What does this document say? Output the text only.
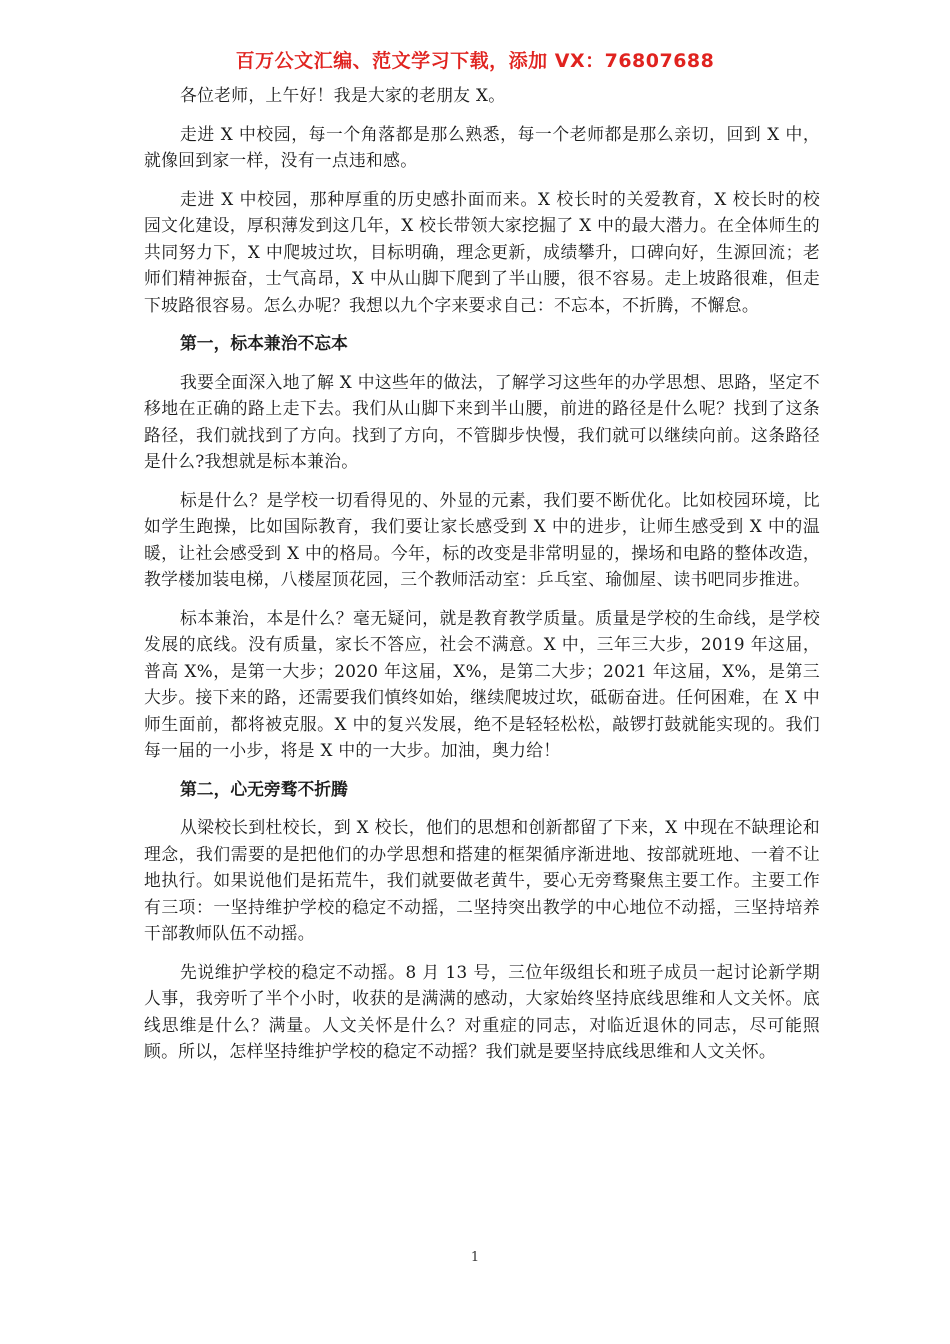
百万公文汇编、范文学习下载，添加 VX：76807688

各位老师，上午好！我是大家的老朋友 X。

走进 X 中校园，每一个角落都是那么熟悉，每一个老师都是那么亲切，回到 X 中，就像回到家一样，没有一点违和感。

走进 X 中校园，那种厚重的历史感扑面而来。X 校长时的关爱教育，X 校长时的校园文化建设，厚积薄发到这几年，X 校长带领大家挖掘了 X 中的最大潜力。在全体师生的共同努力下，X 中爬坡过坎，目标明确，理念更新，成绩攀升，口碑向好，生源回流；老师们精神振奋，士气高昂，X 中从山脚下爬到了半山腰，很不容易。走上坡路很难，但走下坡路很容易。怎么办呢？我想以九个字来要求自己：不忘本，不折腾，不懈怠。

第一，标本兼治不忘本

我要全面深入地了解 X 中这些年的做法，了解学习这些年的办学思想、思路，坚定不移地在正确的路上走下去。我们从山脚下来到半山腰，前进的路径是什么呢？找到了这条路径，我们就找到了方向。找到了方向，不管脚步快慢，我们就可以继续向前。这条路径是什么?我想就是标本兼治。

标是什么？是学校一切看得见的、外显的元素，我们要不断优化。比如校园环境，比如学生跑操，比如国际教育，我们要让家长感受到 X 中的进步，让师生感受到 X 中的温暖，让社会感受到 X 中的格局。今年，标的改变是非常明显的，操场和电路的整体改造，教学楼加装电梯，八楼屋顶花园，三个教师活动室：乒乓室、瑜伽屋、读书吧同步推进。

标本兼治，本是什么？毫无疑问，就是教育教学质量。质量是学校的生命线，是学校发展的底线。没有质量，家长不答应，社会不满意。X 中，三年三大步，2019 年这届，普高 X%，是第一大步；2020 年这届，X%，是第二大步；2021 年这届，X%，是第三大步。接下来的路，还需要我们慎终如始，继续爬坡过坎，砥砺奋进。任何困难，在 X 中师生面前，都将被克服。X 中的复兴发展，绝不是轻轻松松，敲锣打鼓就能实现的。我们每一届的一小步，将是 X 中的一大步。加油，奥力给！

第二，心无旁骛不折腾

从梁校长到杜校长，到 X 校长，他们的思想和创新都留了下来，X 中现在不缺理论和理念，我们需要的是把他们的办学思想和搭建的框架循序渐进地、按部就班地、一着不让地执行。如果说他们是拓荒牛，我们就要做老黄牛，要心无旁骛聚焦主要工作。主要工作有三项：一坚持维护学校的稳定不动摇，二坚持突出教学的中心地位不动摇，三坚持培养干部教师队伍不动摇。

先说维护学校的稳定不动摇。8 月 13 号，三位年级组长和班子成员一起讨论新学期人事，我旁听了半个小时，收获的是满满的感动，大家始终坚持底线思维和人文关怀。底线思维是什么？满量。人文关怀是什么？对重症的同志，对临近退休的同志，尽可能照顾。所以，怎样坚持维护学校的稳定不动摇？我们就是要坚持底线思维和人文关怀。

1
